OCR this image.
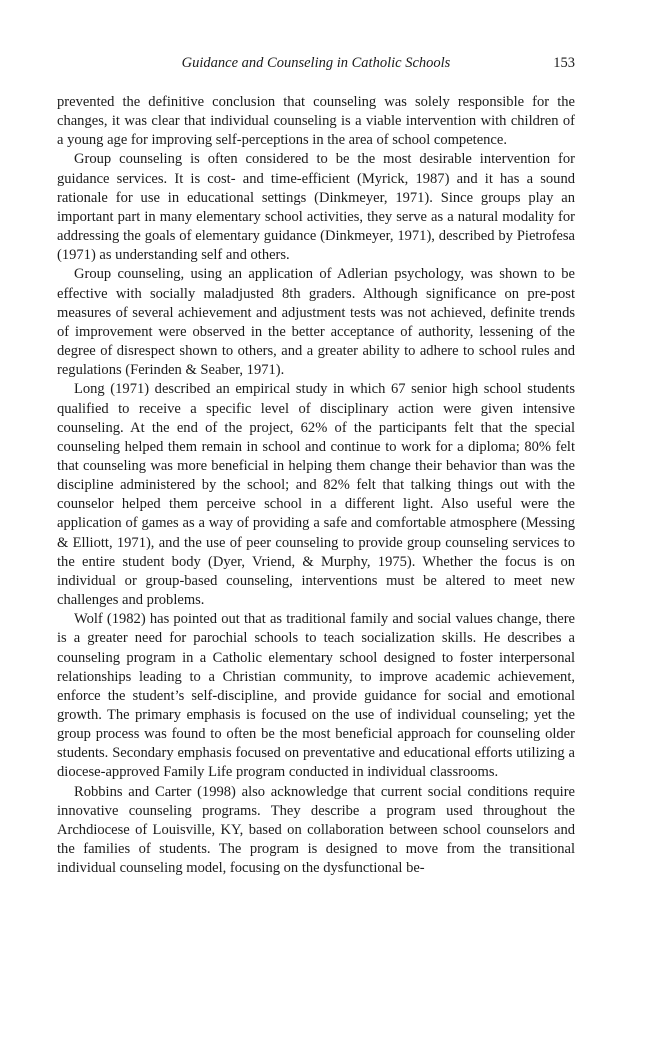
Guidance and Counseling in Catholic Schools	153

prevented the definitive conclusion that counseling was solely responsible for the changes, it was clear that individual counseling is a viable intervention with children of a young age for improving self-perceptions in the area of school competence.

Group counseling is often considered to be the most desirable intervention for guidance services. It is cost- and time-efficient (Myrick, 1987) and it has a sound rationale for use in educational settings (Dinkmeyer, 1971). Since groups play an important part in many elementary school activities, they serve as a natural modality for addressing the goals of elementary guidance (Dinkmeyer, 1971), described by Pietrofesa (1971) as understanding self and others.

Group counseling, using an application of Adlerian psychology, was shown to be effective with socially maladjusted 8th graders. Although significance on pre-post measures of several achievement and adjustment tests was not achieved, definite trends of improvement were observed in the better acceptance of authority, lessening of the degree of disrespect shown to others, and a greater ability to adhere to school rules and regulations (Ferinden & Seaber, 1971).

Long (1971) described an empirical study in which 67 senior high school students qualified to receive a specific level of disciplinary action were given intensive counseling. At the end of the project, 62% of the participants felt that the special counseling helped them remain in school and continue to work for a diploma; 80% felt that counseling was more beneficial in helping them change their behavior than was the discipline administered by the school; and 82% felt that talking things out with the counselor helped them perceive school in a different light. Also useful were the application of games as a way of providing a safe and comfortable atmosphere (Messing & Elliott, 1971), and the use of peer counseling to provide group counseling services to the entire student body (Dyer, Vriend, & Murphy, 1975). Whether the focus is on individual or group-based counseling, interventions must be altered to meet new challenges and problems.

Wolf (1982) has pointed out that as traditional family and social values change, there is a greater need for parochial schools to teach socialization skills. He describes a counseling program in a Catholic elementary school designed to foster interpersonal relationships leading to a Christian community, to improve academic achievement, enforce the student’s self-discipline, and provide guidance for social and emotional growth. The primary emphasis is focused on the use of individual counseling; yet the group process was found to often be the most beneficial approach for counseling older students. Secondary emphasis focused on preventative and educational efforts utilizing a diocese-approved Family Life program conducted in individual classrooms.

Robbins and Carter (1998) also acknowledge that current social conditions require innovative counseling programs. They describe a program used throughout the Archdiocese of Louisville, KY, based on collaboration between school counselors and the families of students. The program is designed to move from the transitional individual counseling model, focusing on the dysfunctional be-
